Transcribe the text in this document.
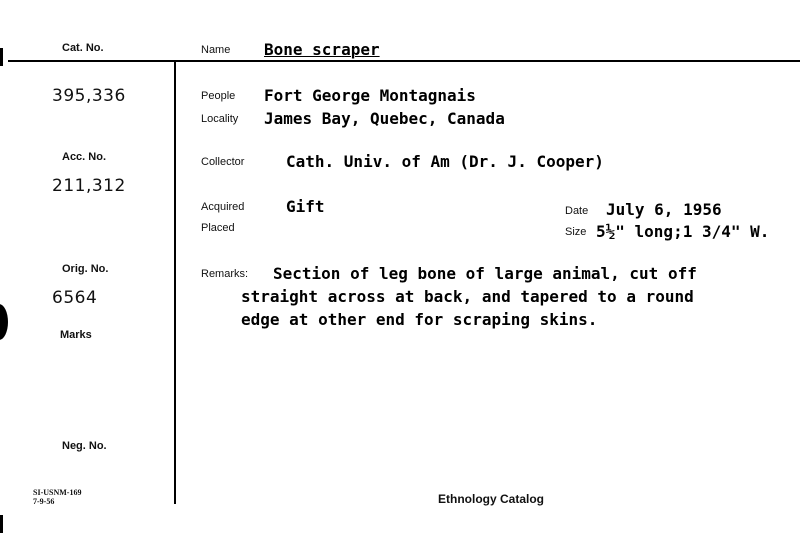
Cat. No.
395,336
Acc. No.
211,312
Orig. No.
6564
Marks
Neg. No.
Name Bone scraper
People Fort George Montagnais
Locality James Bay, Quebec, Canada
Collector	Cath. Univ. of Am (Dr. J. Cooper)
Acquired	Gift
Placed
Date July 6, 1956
Size 5½" long;1 3/4" W.
Remarks: Section of leg bone of large animal, cut off
straight across at back, and tapered to a round
edge at other end for scraping skins.
SI-USNM-169
7-9-56	Ethnology Catalog
